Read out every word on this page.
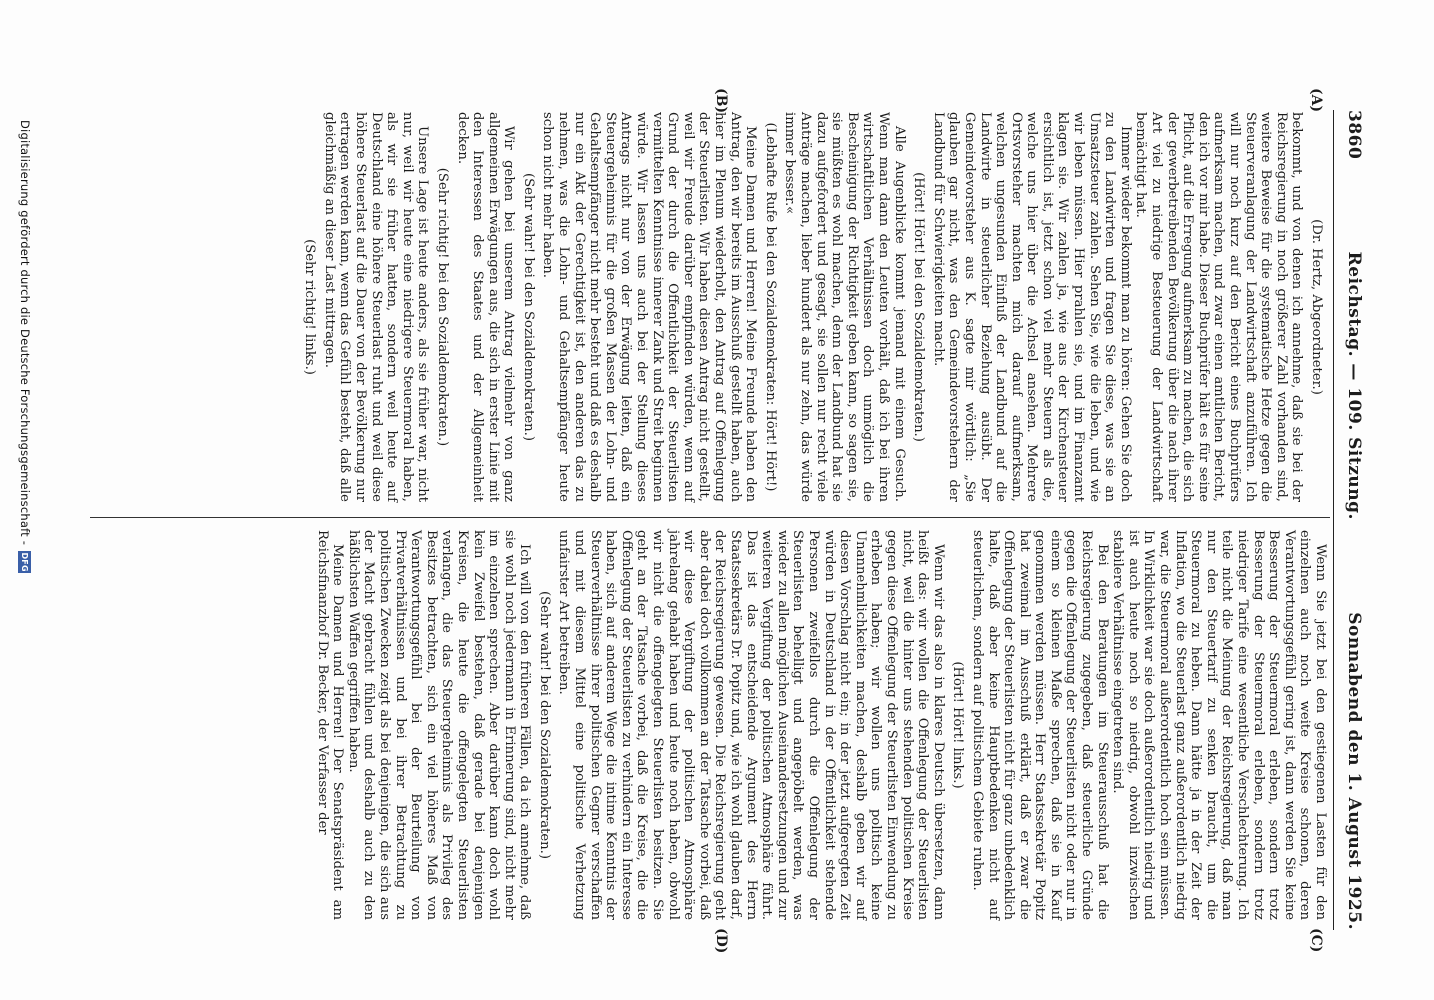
3860
Reichstag. — 109. Sitzung.
Sonnabend den 1. August 1925.
(A)
(B)
(C)
(D)

(Dr. Hertz, Abgeordneter.)

bekommt, und von denen ich annehme, daß sie bei der Reichsregierung in noch größerer Zahl vorhanden sind, weitere Beweise für die systematische Hetze gegen die Steuerveranlagung der Landwirtschaft anzuführen. Ich will nur noch kurz auf den Bericht eines Buchprüfers aufmerksam machen, und zwar einen amtlichen Bericht, den ich vor mir habe. Dieser Buchprüfer hält es für seine Pflicht, auf die Erregung aufmerksam zu machen, die sich der gewerbetreibenden Bevölkerung über die nach ihrer Art viel zu niedrige Besteuerung der Landwirtschaft bemächtigt hat.

Immer wieder bekommt man zu hören: Gehen Sie doch zu den Landwirten und fragen Sie diese, was sie an Umsatzsteuer zahlen. Sehen Sie, wie die leben, und wie wir leben müssen. Hier prahlen sie, und im Finanzamt klagen sie. Wir zahlen ja, wie aus der Kirchensteuer ersichtlich ist, jetzt schon viel mehr Steuern als die, welche uns hier über die Achsel ansehen. Mehrere Ortsvorsteher machten mich darauf aufmerksam, welchen ungesunden Einfluß der Landbund auf die Landwirte in steuerlicher Beziehung ausübt. Der Gemeindevorsteher aus K. sagte mir wörtlich: „Sie glauben gar nicht, was den Gemeindevorstehern der Landbund für Schwierigkeiten macht.

(Hört! Hört! bei den Sozialdemokraten.)

Alle Augenblicke kommt jemand mit einem Gesuch. Wenn man dann den Leuten vorhält, daß ich bei ihren wirtschaftlichen Verhältnissen doch unmöglich die Bescheinigung der Richtigkeit geben kann, so sagen sie, sie müßten es wohl machen, denn der Landbund hat sie dazu aufgefordert und gesagt, sie sollen nur recht viele Anträge machen, lieber hundert als nur zehn, das würde immer besser.«

(Lebhafte Rufe bei den Sozialdemokraten: Hört! Hört!)

Meine Damen und Herren! Meine Freunde haben den Antrag, den wir bereits im Ausschuß gestellt haben, auch hier im Plenum wiederholt, den Antrag auf Offenlegung der Steuerlisten. Wir haben diesen Antrag nicht gestellt, weil wir Freude darüber empfinden würden, wenn auf Grund der durch die Offentlichkeit der Steuerlisten vermittelten Kenntnisse innerer Zank und Streit beginnen würde. Wir lassen uns auch bei der Stellung dieses Antrags nicht nur von der Erwägung leiten, daß ein Steuergeheimnis für die großen Massen der Lohn- und Gehaltsempfänger nicht mehr besteht und daß es deshalb nur ein Akt der Gerechtigkeit ist, den anderen das zu nehmen, was die Lohn- und Gehaltsempfänger heute schon nicht mehr haben.

(Sehr wahr! bei den Sozialdemokraten.)

Wir gehen bei unserem Antrag vielmehr von ganz allgemeinen Erwägungen aus, die sich in erster Linie mit den Interessen des Staates und der Allgemeinheit decken.

(Sehr richtig! bei den Sozialdemokraten.)

Unsere Lage ist heute anders, als sie früher war, nicht nur, weil wir heute eine niedrigere Steuermoral haben, als wir sie früher hatten, sondern weil heute auf Deutschland eine höhere Steuerlast ruht und weil diese höhere Steuerlast auf die Dauer von der Bevölkerung nur ertragen werden kann, wenn das Gefühl besteht, daß alle gleichmäßig an dieser Last mittragen.

(Sehr richtig! links.)

Wenn Sie jetzt bei den gestiegenen Lasten für den einzelnen auch noch weite Kreise schonen, deren Verantwortungsgefühl gering ist, dann werden Sie keine Besserung der Steuermoral erleben, sondern trotz Besserung der Steuermoral erleben, sondern trotz niedriger Tarife eine wesentliche Verschlechterung. Ich teile nicht die Meinung der Reichsregierung, daß man nur den Steuertarif zu senken braucht, um die Steuermoral zu heben. Dann hätte ja in der Zeit der Inflation, wo die Steuerlast ganz außerordentlich niedrig war, die Steuermoral außerordentlich hoch sein müssen. In Wirklichkeit war sie doch außerordentlich niedrig und ist auch heute noch so niedrig, obwohl inzwischen stabilere Verhältnisse eingetreten sind.

Bei den Beratungen im Steuerausschuß hat die Reichsregierung zugegeben, daß steuerliche Gründe gegen die Offenlegung der Steuerlisten nicht oder nur in einem so kleinen Maße sprechen, daß sie in Kauf genommen werden müssen. Herr Staatssekretär Popitz hat zweimal im Ausschuß erklärt, daß er zwar die Offenlegung der Steuerlisten nicht für ganz unbedenklich halte, daß aber keine Hauptbedenken nicht auf steuerlichem, sondern auf politischem Gebiete ruhen.

(Hört! Hört! links.)

Wenn wir das also in klares Deutsch übersetzen, dann heißt das: wir wollen die Offenlegung der Steuerlisten nicht, weil die hinter uns stehenden politischen Kreise gegen diese Offenlegung der Steuerlisten Einwendung zu erheben haben; wir wollen uns politisch keine Unannehmlichkeiten machen, deshalb geben wir auf diesen Vorschlag nicht ein; in der jetzt aufgeregten Zeit würden in Deutschland in der Offentlichkeit stehende Personen zweifellos durch die Offenlegung der Steuerlisten behelligt und angepöbelt werden, was wieder zu allen möglichen Auseinandersetzungen und zur weiteren Vergiftung der politischen Atmosphäre führt. Das ist das entscheidende Argument des Herrn Staatssekretärs Dr. Popitz und, wie ich wohl glauben darf, der Reichsregierung gewesen. Die Reichsregierung geht aber dabei doch vollkommen an der Tatsache vorbei, daß wir diese Vergiftung der politischen Atmosphäre jahrelang gehabt haben und heute noch haben, obwohl wir nicht die offengelegten Steuerlisten besitzen. Sie geht an der Tatsache vorbei, daß die Kreise, die die Offenlegung der Steuerlisten zu verhindern ein Interesse haben, sich auf anderem Wege die intime Kenntnis der Steuerverhältnisse ihrer politischen Gegner verschaffen und mit diesem Mittel eine politische Verhetzung unfairster Art betreiben.

(Sehr wahr! bei den Sozialdemokraten.)

Ich will von den früheren Fällen, da ich annehme, daß sie wohl noch jedermann in Erinnerung sind, nicht mehr im einzelnen sprechen. Aber darüber kann doch wohl kein Zweifel bestehen, daß gerade bei denjenigen Kreisen, die heute die offengelegten Steuerlisten verlangen, die das Steuergeheimnis als Privileg des Besitzes betrachten, sich ein viel höheres Maß von Verantwortungsgefühl bei der Beurteilung von Privatverhältnissen und bei ihrer Betrachtung zu politischen Zwecken zeigt als bei denjenigen, die sich aus der Macht gebracht fühlen und deshalb auch zu den häßlichsten Waffen gegriffen haben.

Meine Damen und Herren! Der Senatspräsident am Reichsfinanzhof Dr. Becker, der Verfasser der

Digitalisierung gefördert durch die Deutsche Forschungsgemeinschaft -
DFG
